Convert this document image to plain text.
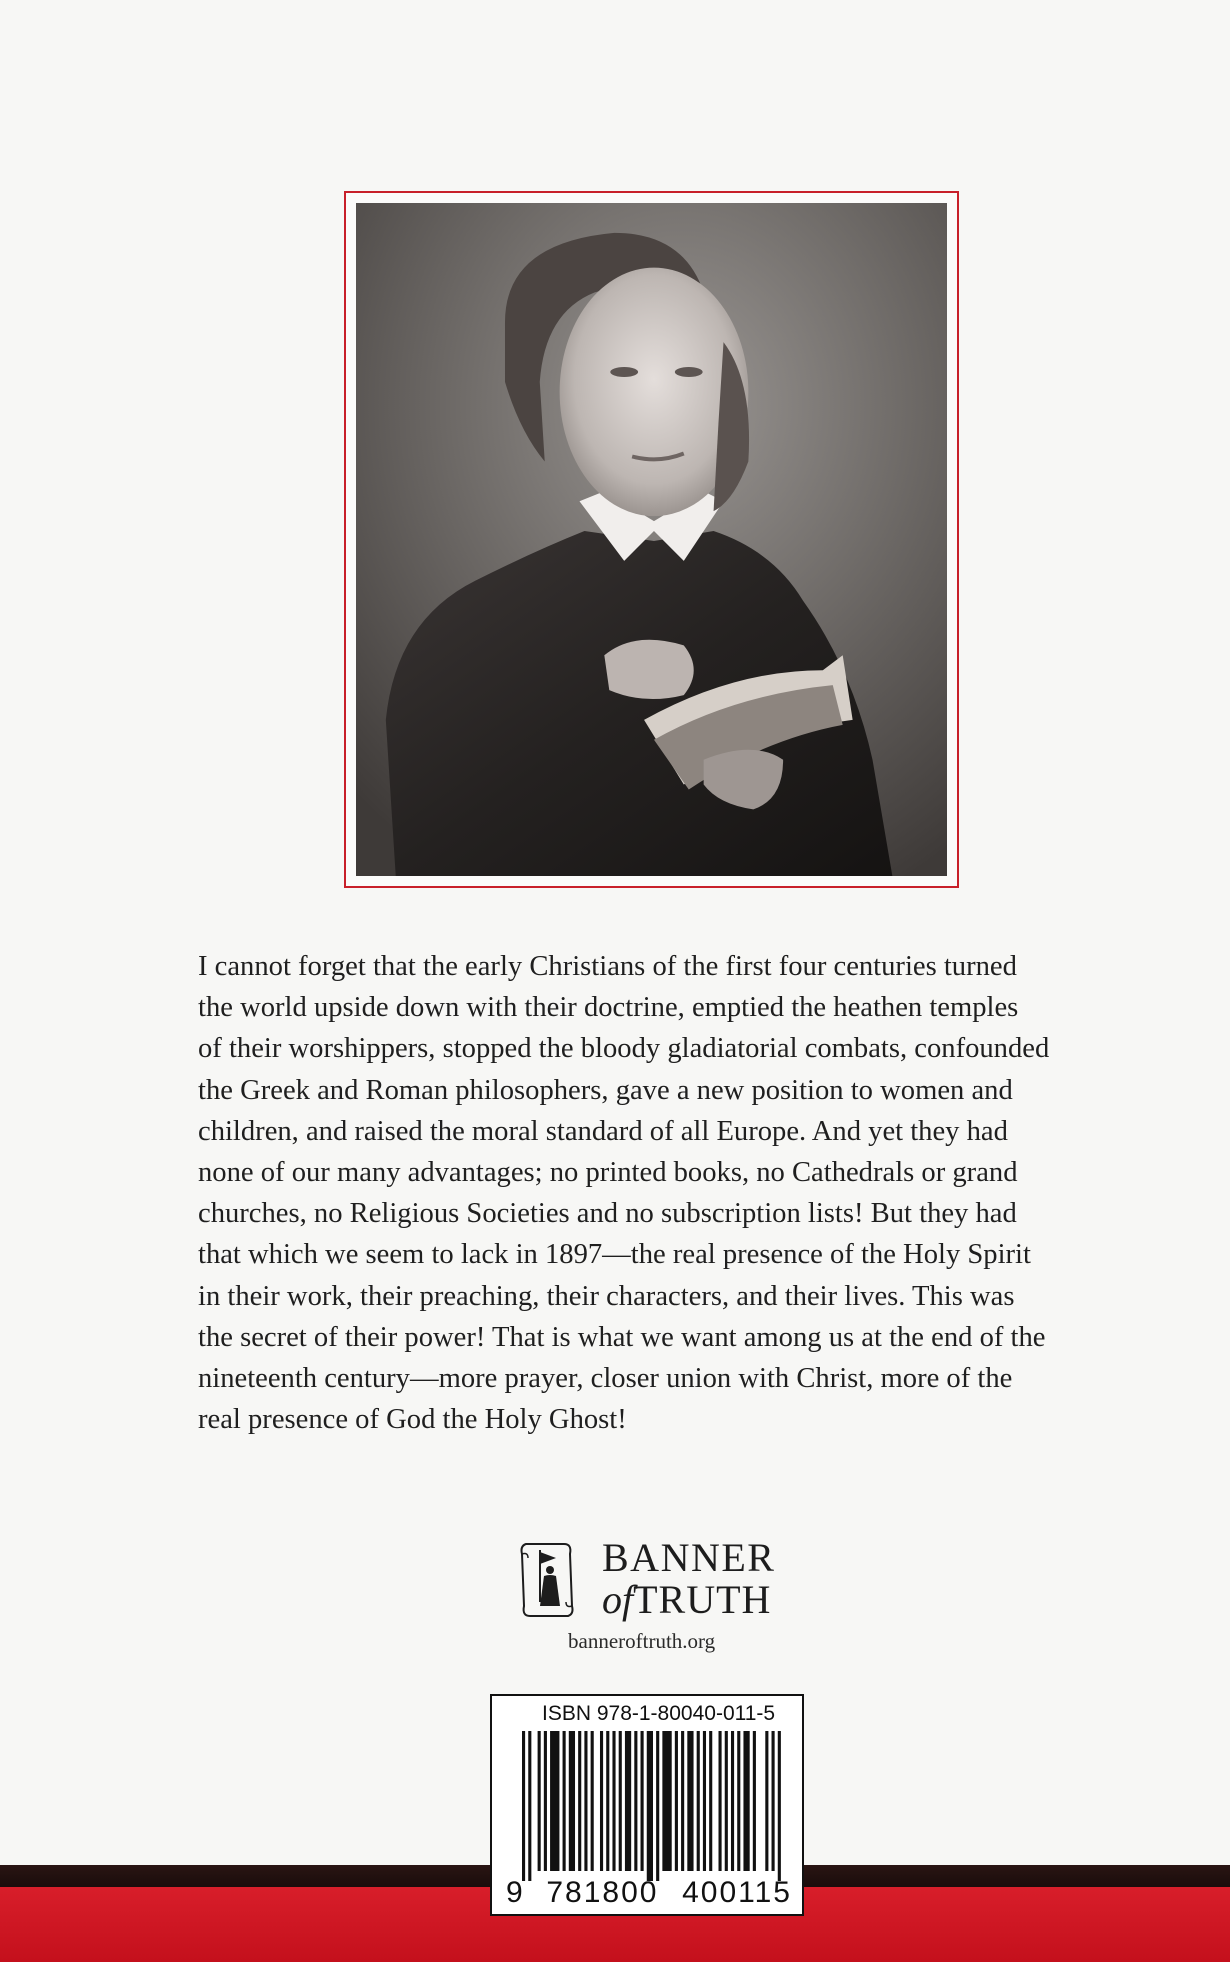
I cannot forget that the early Christians of the first four centuries turned
the world upside down with their doctrine, emptied the heathen temples
of their worshippers, stopped the bloody gladiatorial combats, confounded
the Greek and Roman philosophers, gave a new position to women and
children, and raised the moral standard of all Europe. And yet they had
none of our many advantages; no printed books, no Cathedrals or grand
churches, no Religious Societies and no subscription lists! But they had
that which we seem to lack in 1897—the real presence of the Holy Spirit
in their work, their preaching, their characters, and their lives. This was
the secret of their power! That is what we want among us at the end of the
nineteenth century—more prayer, closer union with Christ, more of the
real presence of God the Holy Ghost!
BANNER
ofTRUTH
banneroftruth.org
ISBN 978-1-80040-011-5
9 781800 400115
